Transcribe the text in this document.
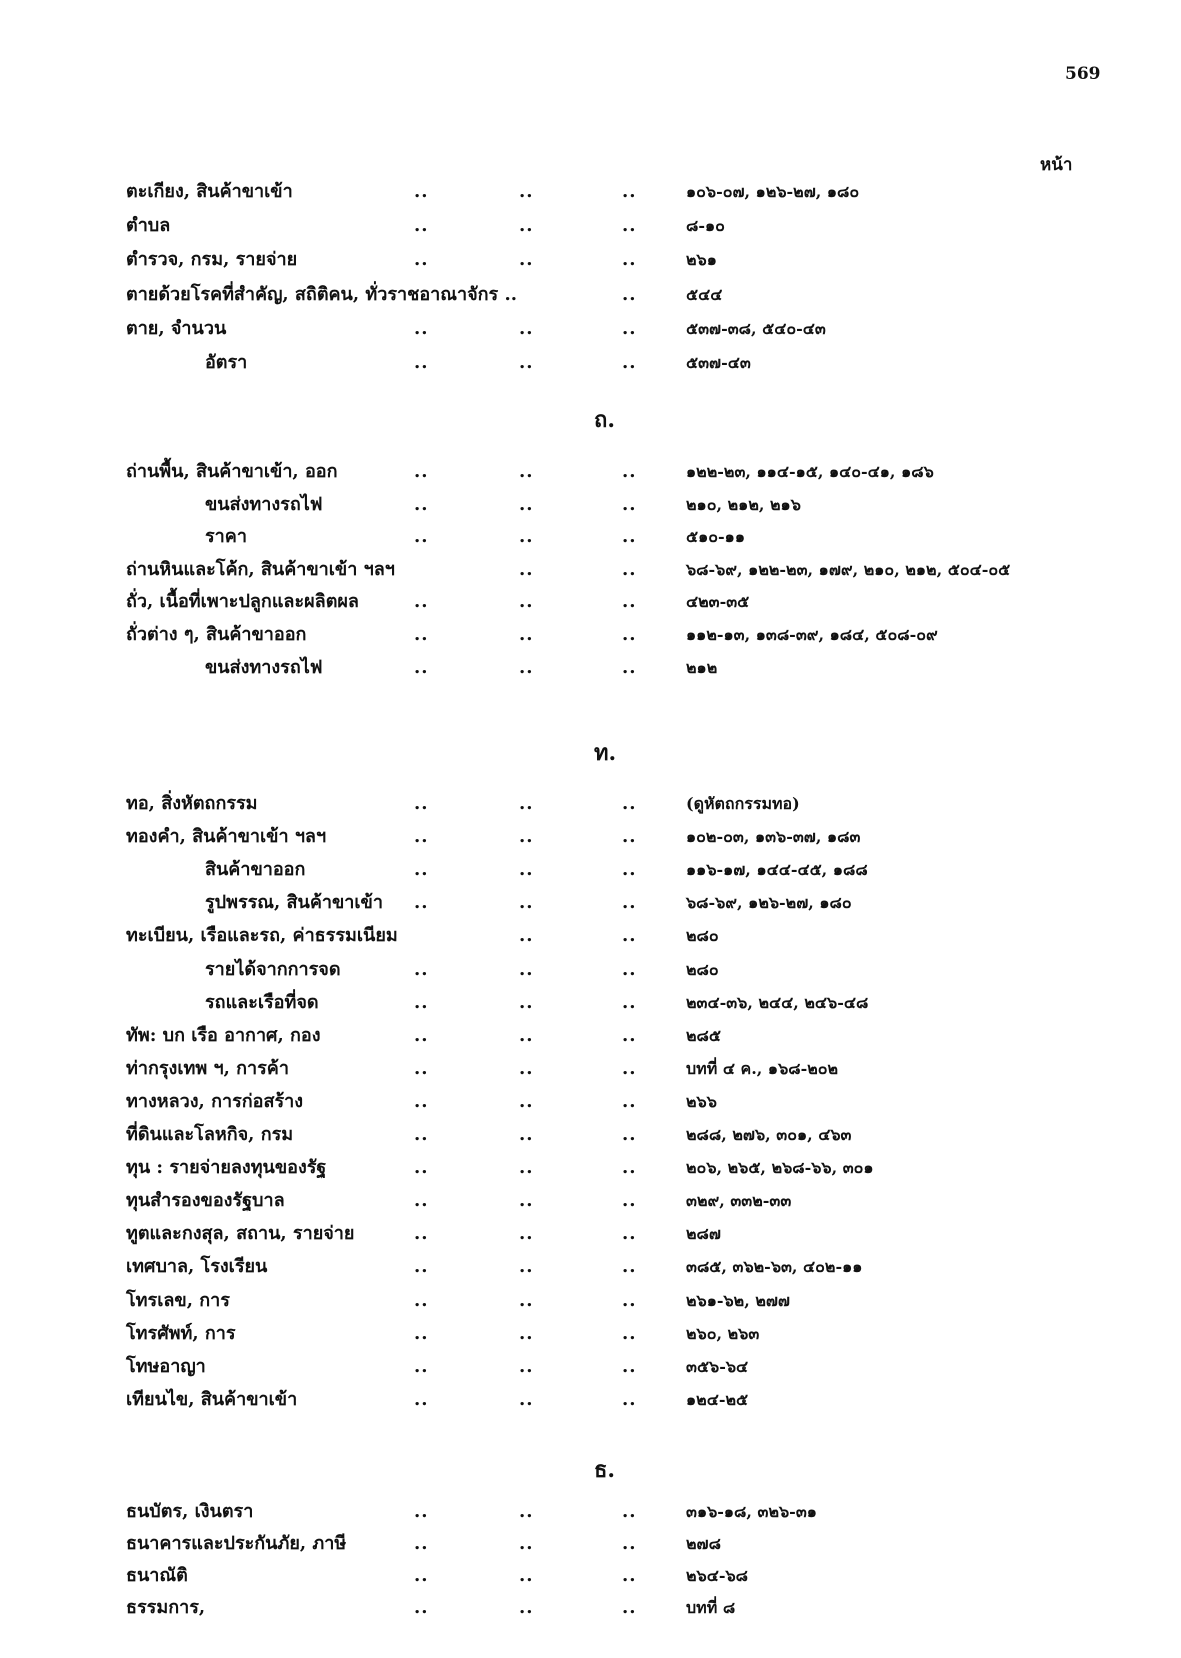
569
หน้า
ตะเกียง, สินค้าขาเข้า	..	..	..	๑๐๖-๐๗, ๑๒๖-๒๗, ๑๘๐
ตำบล	..	..	..	๘-๑๐
ตำรวจ, กรม, รายจ่าย	..	..	..	๒๖๑
ตายด้วยโรคที่สำคัญ, สถิติคน, ทั่วราชอาณาจักร ..	..	๕๔๔
ตาย, จำนวน	..	..	..	๕๓๗-๓๘, ๕๔๐-๔๓
อัตรา	..	..	..	๕๓๗-๔๓
ถ.
ถ่านพื้น, สินค้าขาเข้า, ออก	..	..	..	๑๒๒-๒๓, ๑๑๔-๑๕, ๑๔๐-๔๑, ๑๘๖
ขนส่งทางรถไฟ	..	..	..	๒๑๐, ๒๑๒, ๒๑๖
ราคา	..	..	..	๕๑๐-๑๑
ถ่านหินและโค้ก, สินค้าขาเข้า ฯลฯ	..	..	๖๘-๖๙, ๑๒๒-๒๓, ๑๗๙, ๒๑๐, ๒๑๒, ๕๐๔-๐๕
ถั่ว, เนื้อที่เพาะปลูกและผลิตผล	..	..	..	๔๒๓-๓๕
ถั่วต่าง ๆ, สินค้าขาออก	..	..	..	๑๑๒-๑๓, ๑๓๘-๓๙, ๑๘๔, ๕๐๘-๐๙
ขนส่งทางรถไฟ	..	..	..	๒๑๒
ท.
ทอ, สิ่งหัตถกรรม	..	..	..	(ดูหัตถกรรมทอ)
ทองคำ, สินค้าขาเข้า ฯลฯ	..	..	..	๑๐๒-๐๓, ๑๓๖-๓๗, ๑๘๓
สินค้าขาออก	..	..	..	๑๑๖-๑๗, ๑๔๔-๔๕, ๑๘๘
รูปพรรณ, สินค้าขาเข้า ..	..	..	๖๘-๖๙, ๑๒๖-๒๗, ๑๘๐
ทะเบียน, เรือและรถ, ค่าธรรมเนียม	..	..	๒๘๐
รายได้จากการจด	..	..	..	๒๘๐
รถและเรือที่จด	..	..	..	๒๓๔-๓๖, ๒๔๔, ๒๔๖-๔๘
ทัพ: บก เรือ อากาศ, กอง	..	..	..	๒๘๕
ท่ากรุงเทพ ฯ, การค้า	..	..	..	บทที่ ๔ ค., ๑๖๘-๒๐๒
ทางหลวง, การก่อสร้าง	..	..	..	๒๖๖
ที่ดินและโลหกิจ, กรม	..	..	..	๒๘๘, ๒๗๖, ๓๐๑, ๔๖๓
ทุน : รายจ่ายลงทุนของรัฐ	..	..	..	๒๐๖, ๒๖๕, ๒๖๘-๖๖, ๓๐๑
ทุนสำรองของรัฐบาล	..	..	..	๓๒๙, ๓๓๒-๓๓
ทูตและกงสุล, สถาน, รายจ่าย	..	..	..	๒๘๗
เทศบาล, โรงเรียน	..	..	..	๓๘๕, ๓๖๒-๖๓, ๔๐๒-๑๑
โทรเลข, การ	..	..	..	๒๖๑-๖๒, ๒๗๗
โทรศัพท์, การ	..	..	..	๒๖๐, ๒๖๓
โทษอาญา	..	..	..	๓๕๖-๖๔
เทียนไข, สินค้าขาเข้า	..	..	..	๑๒๔-๒๕
ธ.
ธนบัตร, เงินตรา	..	..	..	๓๑๖-๑๘, ๓๒๖-๓๑
ธนาคารและประกันภัย, ภาษี	..	..	..	๒๗๘
ธนาณัติ	..	..	..	๒๖๔-๖๘
ธรรมการ,	..	..	..	บทที่ ๘
